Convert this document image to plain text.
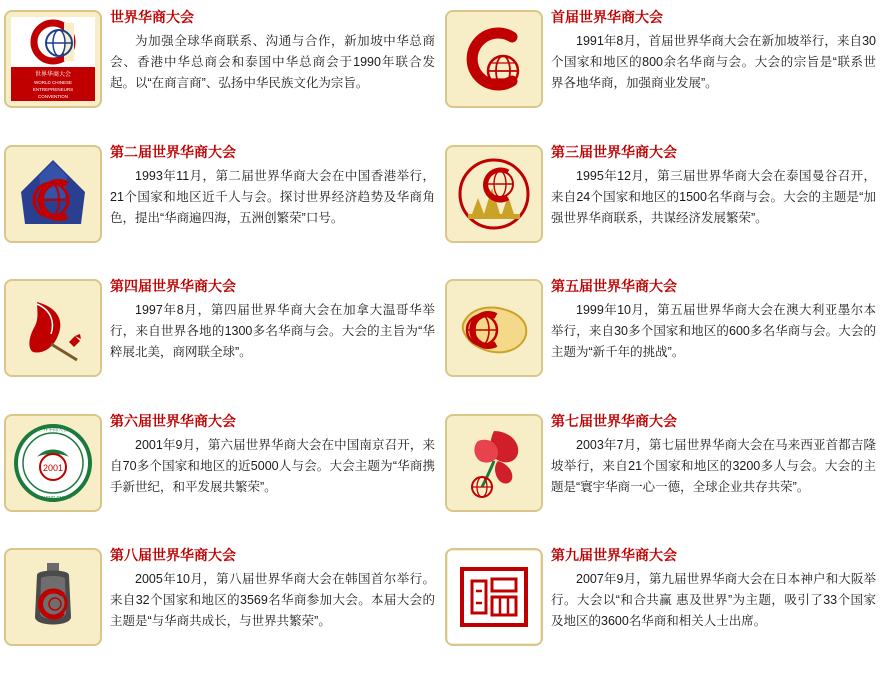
世界华商大会
WORLD CHINESE
ENTREPRENEURS
CONVENTION
世界华商大会
为加强全球华商联系、沟通与合作，新加坡中华总商会、香港中华总商会和泰国中华总商会于1990年联合发起。以“在商言商”、弘扬中华民族文化为宗旨。
首届世界华商大会
1991年8月，首届世界华商大会在新加坡举行，来自30个国家和地区的800余名华商与会。大会的宗旨是“联系世界各地华商，加强商业发展”。
第二届世界华商大会
1993年11月，第二届世界华商大会在中国香港举行，21个国家和地区近千人与会。探讨世界经济趋势及华商角色，提出“华商遍四海，五洲创繁荣”口号。
第三届世界华商大会
1995年12月，第三届世界华商大会在泰国曼谷召开，来自24个国家和地区的1500名华商与会。大会的主题是“加强世界华商联系，共谋经济发展繁荣”。
第四届世界华商大会
1997年8月，第四届世界华商大会在加拿大温哥华举行，来自世界各地的1300多名华商与会。大会的主旨为“华粹展北美，商网联全球”。
第五届世界华商大会
1999年10月，第五届世界华商大会在澳大利亚墨尔本举行，来自30多个国家和地区的600多名华商与会。大会的主题为“新千年的挑战”。
2001
世界华商大会
NANJING CHINA
第六届世界华商大会
2001年9月，第六届世界华商大会在中国南京召开，来自70多个国家和地区的近5000人与会。大会主题为“华商携手新世纪，和平发展共繁荣”。
第七届世界华商大会
2003年7月，第七届世界华商大会在马来西亚首都吉隆坡举行，来自21个国家和地区的3200多人与会。大会的主题是“寰宇华商一心一德，全球企业共存共荣”。
第八届世界华商大会
2005年10月，第八届世界华商大会在韩国首尔举行。来自32个国家和地区的3569名华商参加大会。本届大会的主题是“与华商共成长，与世界共繁荣”。
第九届世界华商大会
2007年9月，第九届世界华商大会在日本神户和大阪举行。大会以“和合共赢 惠及世界”为主题，吸引了33个国家及地区的3600名华商和相关人士出席。
